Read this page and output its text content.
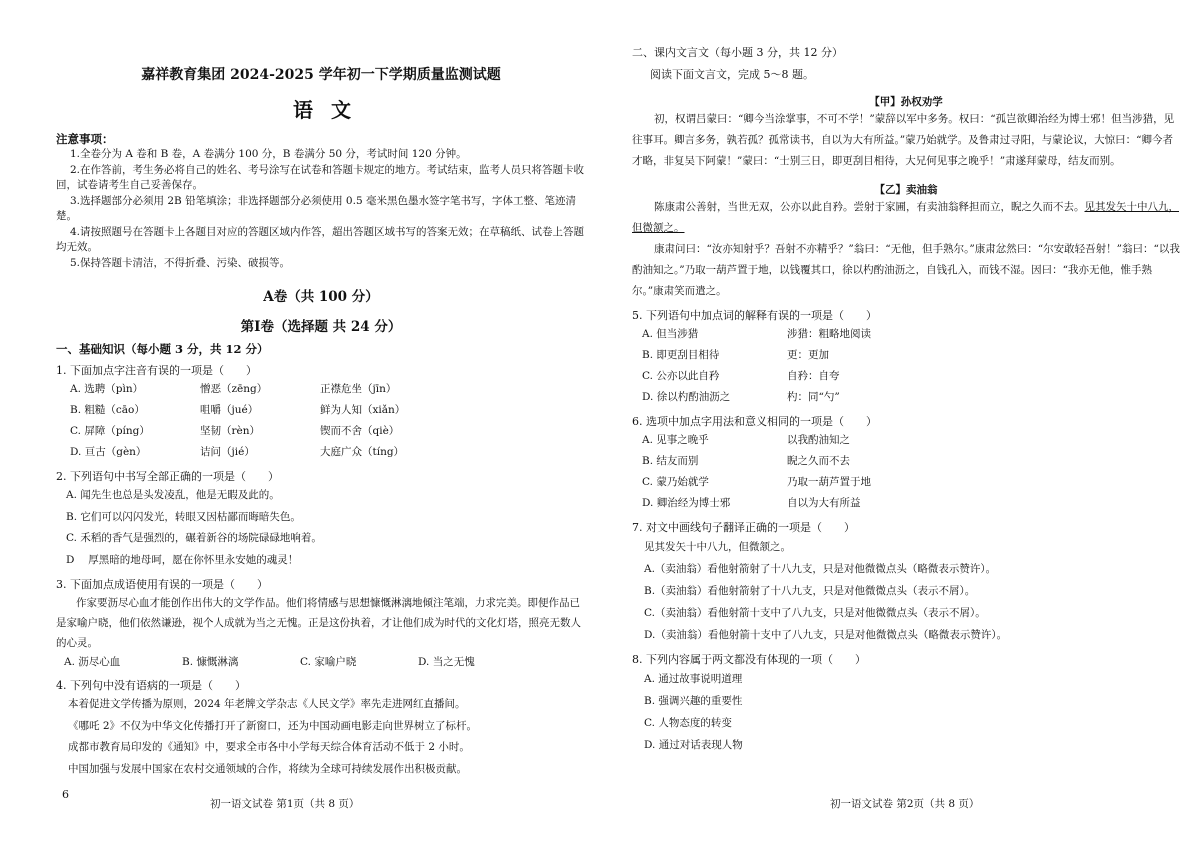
嘉祥教育集团 2024-2025 学年初一下学期质量监测试题
语文
注意事项：
1.全卷分为 A 卷和 B 卷，A 卷满分 100 分，B 卷满分 50 分，考试时间 120 分钟。
2.在作答前，考生务必将自己的姓名、考号涂写在试卷和答题卡规定的地方。考试结束，监考人员只将答题卡收回，试卷请考生自己妥善保存。
3.选择题部分必须用 2B 铅笔填涂；非选择题部分必须使用 0.5 毫米黑色墨水签字笔书写，字体工整、笔迹清楚。
4.请按照题号在答题卡上各题目对应的答题区域内作答，超出答题区域书写的答案无效；在草稿纸、试卷上答题均无效。
5.保持答题卡清洁，不得折叠、污染、破损等。
A卷（共 100 分）
第Ⅰ卷（选择题 共 24 分）
一、基础知识（每小题 3 分，共 12 分）
1. 下面加点字注音有误的一项是（　　）
A. 选聘（pìn）	憎恶（zēng）	正襟危坐（jīn）
B. 粗糙（cāo）	咀嚼（jué）	鲜为人知（xiǎn）
C. 屏障（píng）	坚韧（rèn）	锲而不舍（qiè）
D. 亘古（gèn）	诘问（jié）	大庭广众（tíng）
2. 下列语句中书写全部正确的一项是（　　）
A. 闻先生也总是头发凌乱，他是无暇及此的。
B. 它们可以闪闪发光，转眼又因枯鄙而晦暗失色。
C. 禾稻的香气是强烈的，碾着新谷的场院碌碌地响着。
D　 厚黑暗的地母呵，愿在你怀里永安她的魂灵！
3. 下面加点成语使用有误的一项是（　　）
作家要沥尽心血才能创作出伟大的文学作品。他们将情感与思想慷慨淋漓地倾注笔端，力求完美。即便作品已是家喻户晓，他们依然谦逊，视个人成就为当之无愧。正是这份执着，才让他们成为时代的文化灯塔，照亮无数人的心灵。
A. 沥尽心血	B. 慷慨淋漓	C. 家喻户晓	D. 当之无愧
4. 下列句中没有语病的一项是（　　）
本着促进文学传播为原则，2024 年老牌文学杂志《人民文学》率先走进网红直播间。
《哪吒 2》不仅为中华文化传播打开了新窗口，还为中国动画电影走向世界树立了标杆。
成都市教育局印发的《通知》中，要求全市各中小学每天综合体育活动不低于 2 小时。
中国加强与发展中国家在农村交通领域的合作，将续为全球可持续发展作出积极贡献。
6
初一语文试卷 第1页（共 8 页）
二、课内文言文（每小题 3 分，共 12 分）
阅读下面文言文，完成 5～8 题。
【甲】孙权劝学
初，权谓吕蒙曰：“卿今当涂掌事，不可不学！”蒙辞以军中多务。权曰：“孤岂欲卿治经为博士邪！但当涉猎，见往事耳。卿言多务，孰若孤？孤常读书，自以为大有所益。”蒙乃始就学。及鲁肃过寻阳，与蒙论议，大惊曰：“卿今者才略，非复吴下阿蒙！”蒙曰：“士别三日，即更刮目相待，大兄何见事之晚乎！”肃遂拜蒙母，结友而别。
【乙】卖油翁
陈康肃公善射，当世无双，公亦以此自矜。尝射于家圃，有卖油翁释担而立，睨之久而不去。见其发矢十中八九，但微颔之。
康肃问曰：“汝亦知射乎？吾射不亦精乎？”翁曰：“无他，但手熟尔。”康肃忿然曰：“尔安敢轻吾射！”翁曰：“以我酌油知之。”乃取一葫芦置于地，以钱覆其口，徐以杓酌油沥之，自钱孔入，而钱不湿。因曰：“我亦无他，惟手熟尔。”康肃笑而遣之。
5. 下列语句中加点词的解释有误的一项是（　　）
A. 但当涉猎	涉猎：粗略地阅读
B. 即更刮目相待	更：更加
C. 公亦以此自矜	自矜：自夸
D. 徐以杓酌油沥之	杓：同“勺”
6. 选项中加点字用法和意义相同的一项是（　　）
A. 见事之晚乎	以我酌油知之
B. 结友而别	睨之久而不去
C. 蒙乃始就学	乃取一葫芦置于地
D. 卿治经为博士邪	自以为大有所益
7. 对文中画线句子翻译正确的一项是（　　）
见其发矢十中八九，但微颔之。
A.（卖油翁）看他射箭射了十八九支，只是对他微微点头（略微表示赞许）。
B.（卖油翁）看他射箭射了十八九支，只是对他微微点头（表示不屑）。
C.（卖油翁）看他射箭十支中了八九支，只是对他微微点头（表示不屑）。
D.（卖油翁）看他射箭十支中了八九支，只是对他微微点头（略微表示赞许）。
8. 下列内容属于两文都没有体现的一项（　　）
A. 通过故事说明道理
B. 强调兴趣的重要性
C. 人物态度的转变
D. 通过对话表现人物
初一语文试卷 第2页（共 8 页）
